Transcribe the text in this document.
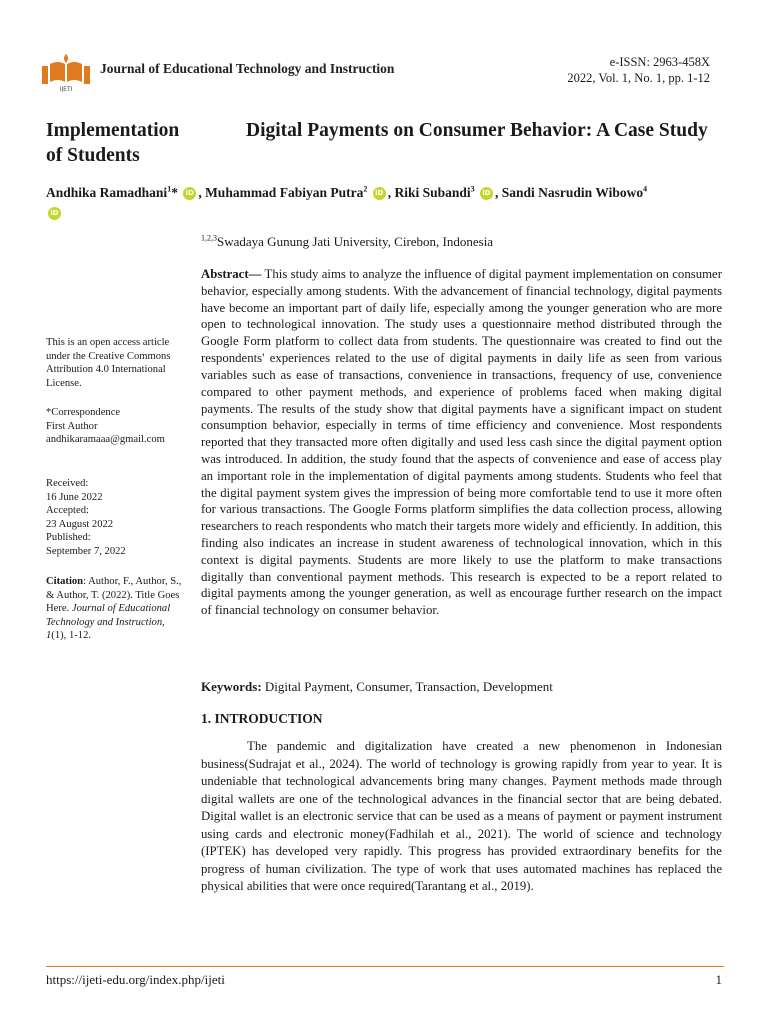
IJETI
Journal of Educational Technology and Instruction	e-ISSN: 2963-458X
2022, Vol. 1, No. 1, pp. 1-12
Implementation	Digital Payments on Consumer Behavior: A Case Study of Students
Andhika Ramadhani$^1$* iD , Muhammad Fabiyan Putra$^2$ iD , Riki Subandi$^3$ iD , Sandi Nasrudin Wibowo$^4$
iD
$^{1,2,3}$Swadaya Gunung Jati University, Cirebon, Indonesia
Abstract— This study aims to analyze the influence of digital payment implementation on consumer behavior, especially among students. With the advancement of financial technology, digital payments have become an important part of daily life, especially among the younger generation who are more open to technological innovation. The study uses a questionnaire method distributed through the Google Form platform to collect data from students. The questionnaire was created to find out the respondents' experiences related to the use of digital payments in daily life as seen from various variables such as ease of transactions, convenience in transactions, frequency of use, convenience compared to other payment methods, and experience of problems faced when making digital payments. The results of the study show that digital payments have a significant impact on student consumption behavior, especially in terms of time efficiency and convenience. Most respondents reported that they transacted more often digitally and used less cash since the digital payment option was introduced. In addition, the study found that the aspects of convenience and ease of access play an important role in the implementation of digital payments among students. Students who feel that the digital payment system gives the impression of being more comfortable tend to use it more often for various transactions. The Google Forms platform simplifies the data collection process, allowing researchers to reach respondents who match their targets more widely and efficiently. In addition, this finding also indicates an increase in student awareness of technological innovation, which in this context is digital payments. Students are more likely to use the platform to make transactions digitally than conventional payment methods. This research is expected to be a report related to digital payments among the younger generation, as well as encourage further research on the impact of financial technology on consumer behavior.
This is an open access article under the Creative Commons Attribution 4.0 International License.
*Correspondence
First Author
andhikaramaaa@gmail.com
Received:
16 June 2022
Accepted:
23 August 2022
Published:
September 7, 2022
Citation: Author, F., Author, S., & Author, T. (2022). Title Goes Here. Journal of Educational Technology and Instruction, 1(1), 1-12.
Keywords: Digital Payment, Consumer, Transaction, Development
1. INTRODUCTION
The pandemic and digitalization have created a new phenomenon in Indonesian business(Sudrajat et al., 2024). The world of technology is growing rapidly from year to year. It is undeniable that technological advancements bring many changes. Payment methods made through digital wallets are one of the technological advances in the financial sector that are being debated. Digital wallet is an electronic service that can be used as a means of payment or payment instrument using cards and electronic money(Fadhilah et al., 2021). The world of science and technology (IPTEK) has developed very rapidly. This progress has provided extraordinary benefits for the progress of human civilization. The type of work that uses automated machines has replaced the physical abilities that were once required(Tarantang et al., 2019).
https://ijeti-edu.org/index.php/ijeti	1
